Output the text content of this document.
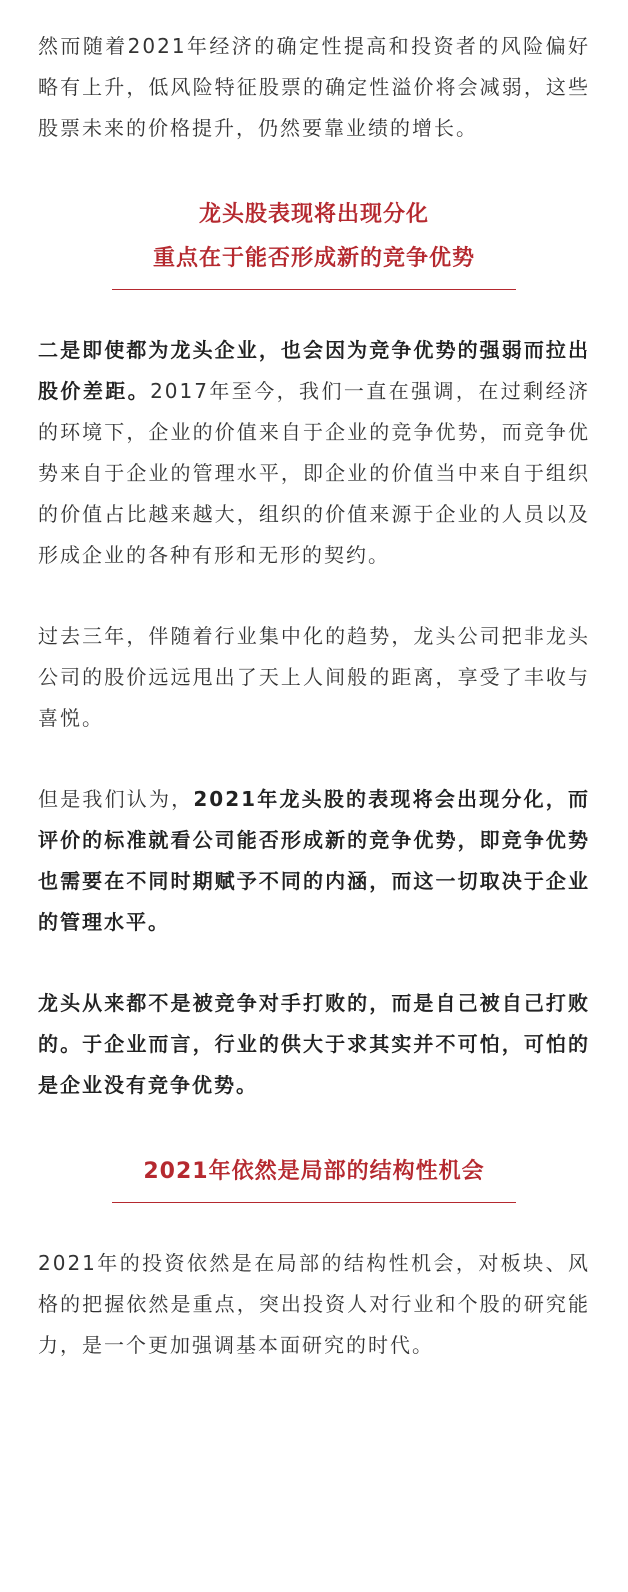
然而随着2021年经济的确定性提高和投资者的风险偏好略有上升，低风险特征股票的确定性溢价将会减弱，这些股票未来的价格提升，仍然要靠业绩的增长。

龙头股表现将出现分化
重点在于能否形成新的竞争优势

二是即使都为龙头企业，也会因为竞争优势的强弱而拉出股价差距。2017年至今，我们一直在强调，在过剩经济的环境下，企业的价值来自于企业的竞争优势，而竞争优势来自于企业的管理水平，即企业的价值当中来自于组织的价值占比越来越大，组织的价值来源于企业的人员以及形成企业的各种有形和无形的契约。

过去三年，伴随着行业集中化的趋势，龙头公司把非龙头公司的股价远远甩出了天上人间般的距离，享受了丰收与喜悦。

但是我们认为，2021年龙头股的表现将会出现分化，而评价的标准就看公司能否形成新的竞争优势，即竞争优势也需要在不同时期赋予不同的内涵，而这一切取决于企业的管理水平。

龙头从来都不是被竞争对手打败的，而是自己被自己打败的。于企业而言，行业的供大于求其实并不可怕，可怕的是企业没有竞争优势。

2021年依然是局部的结构性机会

2021年的投资依然是在局部的结构性机会，对板块、风格的把握依然是重点，突出投资人对行业和个股的研究能力，是一个更加强调基本面研究的时代。
